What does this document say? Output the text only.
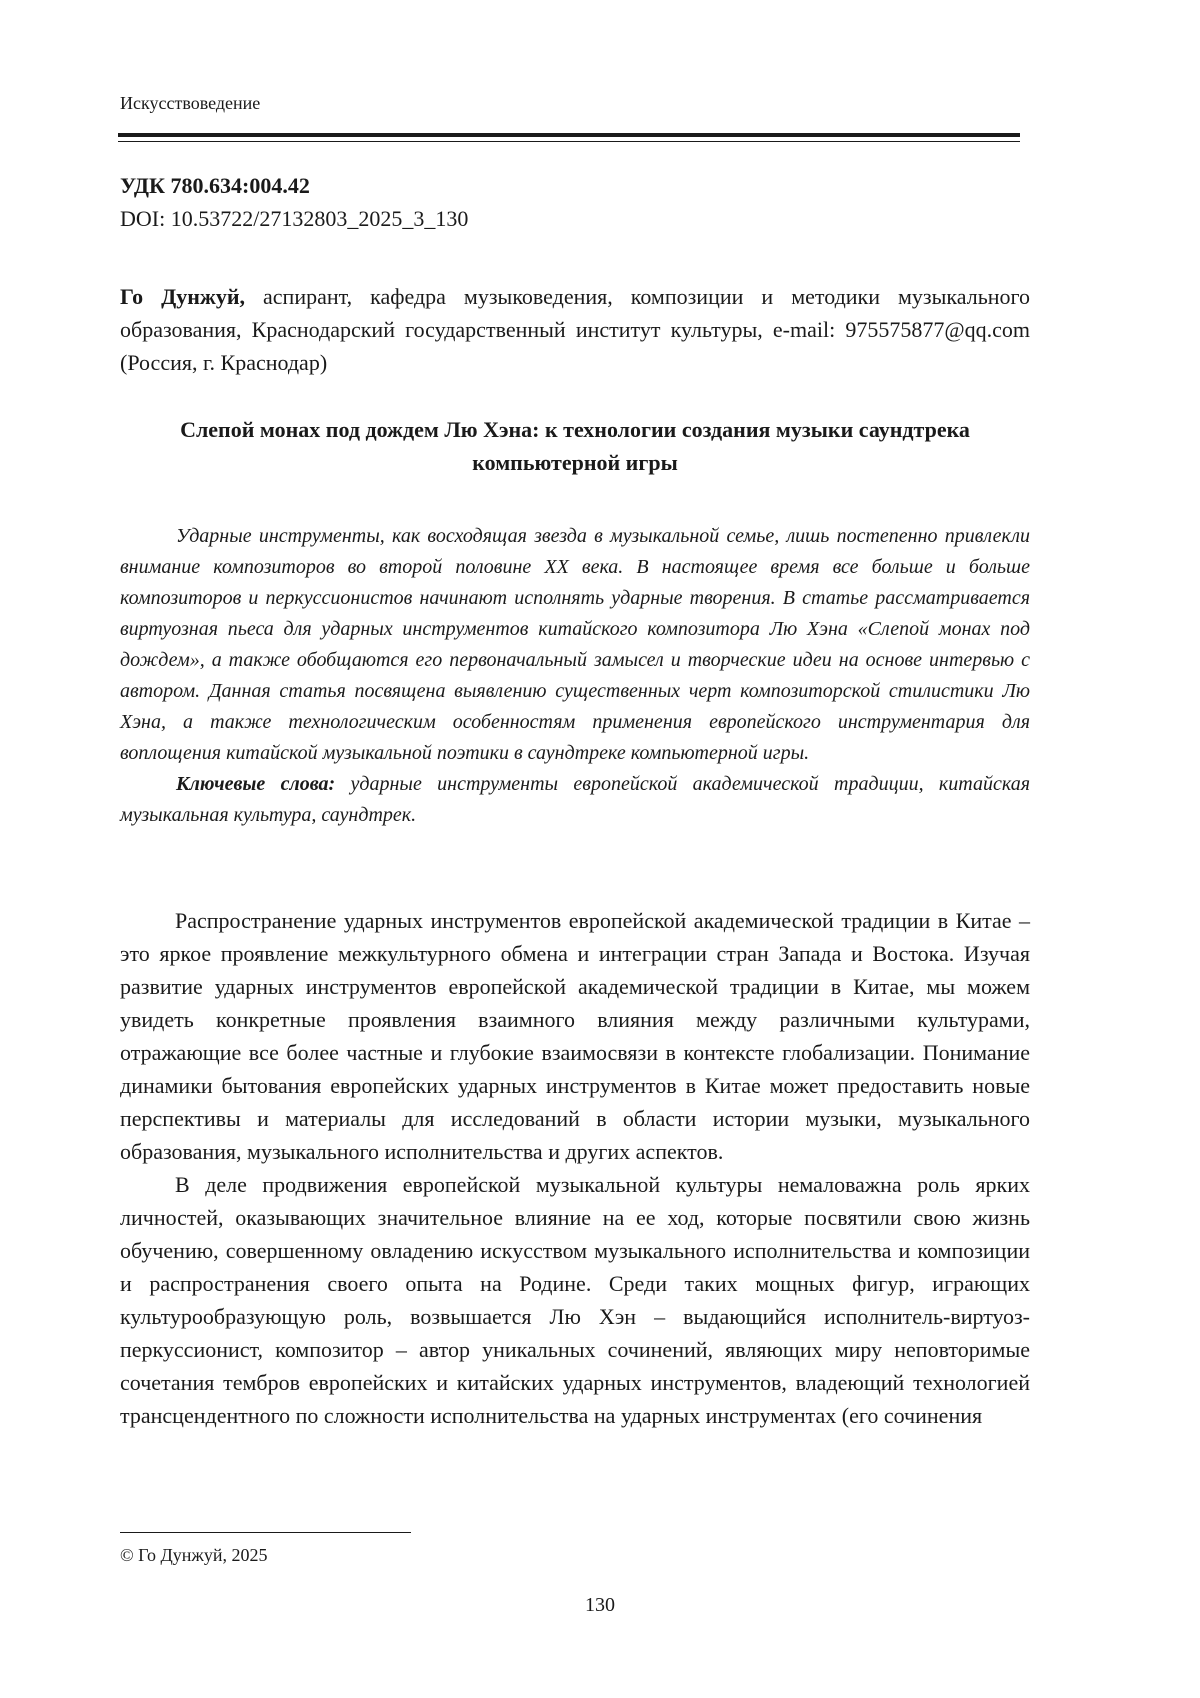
Искусствоведение
УДК 780.634:004.42
DOI: 10.53722/27132803_2025_3_130
Го Дунжуй, аспирант, кафедра музыковедения, композиции и методики музыкального образования, Краснодарский государственный институт культуры, e-mail: 975575877@qq.com (Россия, г. Краснодар)
Слепой монах под дождем Лю Хэна: к технологии создания музыки саундтрека компьютерной игры

Ударные инструменты, как восходящая звезда в музыкальной семье, лишь постепенно привлекли внимание композиторов во второй половине XX века. В настоящее время все больше и больше композиторов и перкуссионистов начинают исполнять ударные творения. В статье рассматривается виртуозная пьеса для ударных инструментов китайского композитора Лю Хэна «Слепой монах под дождем», а также обобщаются его первоначальный замысел и творческие идеи на основе интервью с автором. Данная статья посвящена выявлению существенных черт композиторской стилистики Лю Хэна, а также технологическим особенностям применения европейского инструментария для воплощения китайской музыкальной поэтики в саундтреке компьютерной игры.

Ключевые слова: ударные инструменты европейской академической традиции, китайская музыкальная культура, саундтрек.

Распространение ударных инструментов европейской академической традиции в Китае – это яркое проявление межкультурного обмена и интеграции стран Запада и Востока. Изучая развитие ударных инструментов европейской академической традиции в Китае, мы можем увидеть конкретные проявления взаимного влияния между различными культурами, отражающие все более частные и глубокие взаимосвязи в контексте глобализации. Понимание динамики бытования европейских ударных инструментов в Китае может предоставить новые перспективы и материалы для исследований в области истории музыки, музыкального образования, музыкального исполнительства и других аспектов.

В деле продвижения европейской музыкальной культуры немаловажна роль ярких личностей, оказывающих значительное влияние на ее ход, которые посвятили свою жизнь обучению, совершенному овладению искусством музыкального исполнительства и композиции и распространения своего опыта на Родине. Среди таких мощных фигур, играющих культурообразующую роль, возвышается Лю Хэн – выдающийся исполнитель-виртуоз-перкуссионист, композитор – автор уникальных сочинений, являющих миру неповторимые сочетания тембров европейских и китайских ударных инструментов, владеющий технологией трансцендентного по сложности исполнительства на ударных инструментах (его сочинения

© Го Дунжуй, 2025
130
